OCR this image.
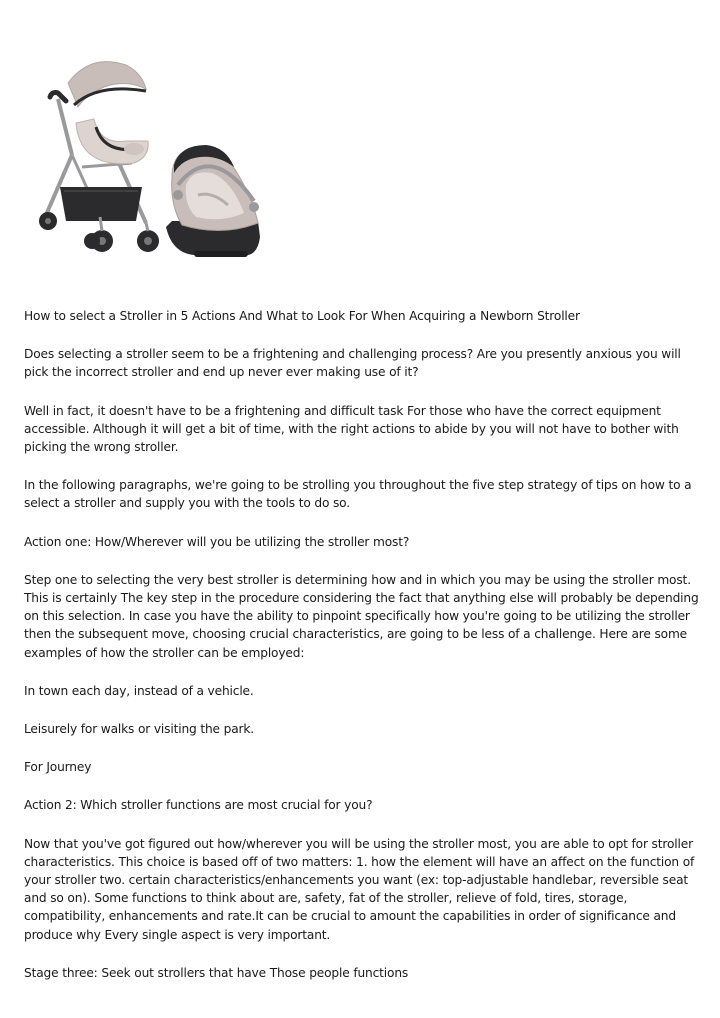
How to select a Stroller in 5 Actions And What to Look For When Acquiring a Newborn Stroller

Does selecting a stroller seem to be a frightening and challenging process? Are you presently anxious you will pick the incorrect stroller and end up never ever making use of it?

Well in fact, it doesn't have to be a frightening and difficult task For those who have the correct equipment accessible. Although it will get a bit of time, with the right actions to abide by you will not have to bother with picking the wrong stroller.

In the following paragraphs, we're going to be strolling you throughout the five step strategy of tips on how to a select a stroller and supply you with the tools to do so.

Action one: How/Wherever will you be utilizing the stroller most?

Step one to selecting the very best stroller is determining how and in which you may be using the stroller most. This is certainly The key step in the procedure considering the fact that anything else will probably be depending on this selection. In case you have the ability to pinpoint specifically how you're going to be utilizing the stroller then the subsequent move, choosing crucial characteristics, are going to be less of a challenge. Here are some examples of how the stroller can be employed:

In town each day, instead of a vehicle.

Leisurely for walks or visiting the park.

For Journey

Action 2: Which stroller functions are most crucial for you?

Now that you've got figured out how/wherever you will be using the stroller most, you are able to opt for stroller characteristics. This choice is based off of two matters: 1. how the element will have an affect on the function of your stroller two. certain characteristics/enhancements you want (ex: top-adjustable handlebar, reversible seat and so on). Some functions to think about are, safety, fat of the stroller, relieve of fold, tires, storage, compatibility, enhancements and rate.It can be crucial to amount the capabilities in order of significance and produce why Every single aspect is very important.

Stage three: Seek out strollers that have Those people functions
